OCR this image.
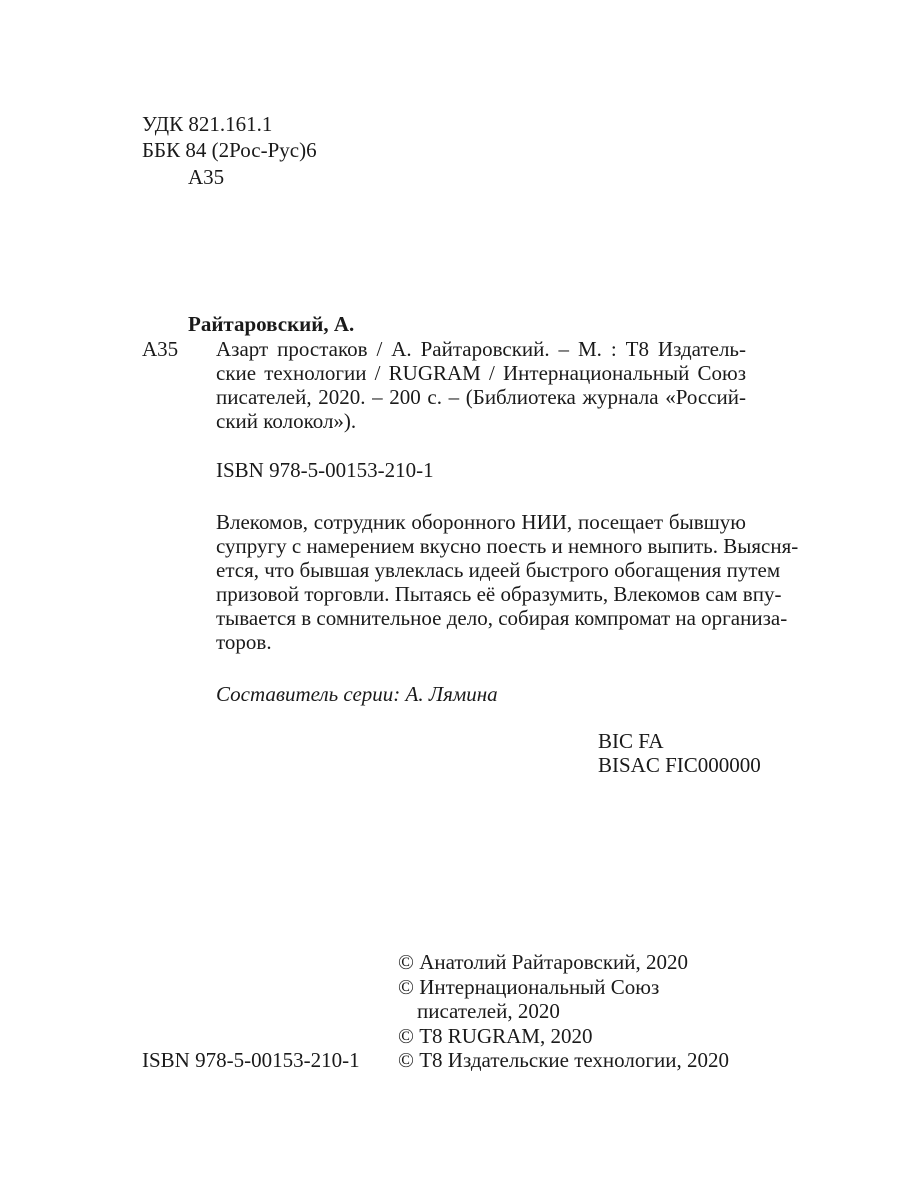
УДК 821.161.1
ББК 84 (2Рос-Рус)6
А35
Райтаровский, А.
А35 Азарт простаков / А. Райтаровский. – М. : Т8 Издатель-
ские технологии / RUGRAM / Интернациональный Союз
писателей, 2020. – 200 с. – (Библиотека журнала «Россий-
ский колокол»).
ISBN 978-5-00153-210-1
Влекомов, сотрудник оборонного НИИ, посещает бывшую
супругу с намерением вкусно поесть и немного выпить. Выясня-
ется, что бывшая увлеклась идеей быстрого обогащения путем
призовой торговли. Пытаясь её образумить, Влекомов сам впу-
тывается в сомнительное дело, собирая компромат на организа-
торов.
Составитель серии: А. Лямина
BIC FA
BISAC FIC000000
© Анатолий Райтаровский, 2020
© Интернациональный Союз
писателей, 2020
© Т8 RUGRAM, 2020
© Т8 Издательские технологии, 2020
ISBN 978-5-00153-210-1
